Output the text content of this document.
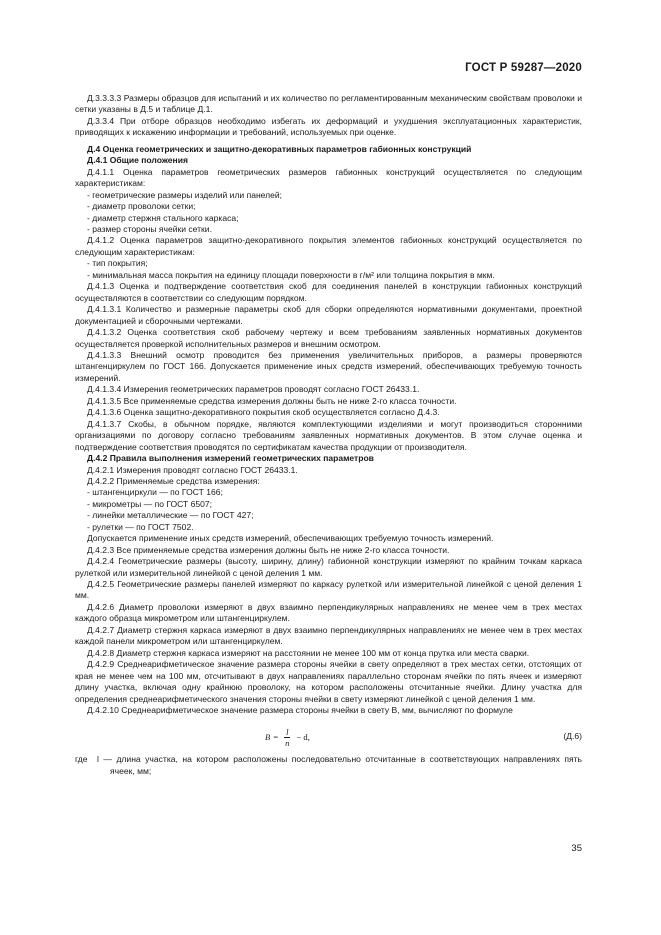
ГОСТ Р 59287—2020

Д.3.3.3.3 Размеры образцов для испытаний и их количество по регламентированным механическим свойствам проволоки и сетки указаны в Д.5 и таблице Д.1.

Д.3.3.4 При отборе образцов необходимо избегать их деформаций и ухудшения эксплуатационных характеристик, приводящих к искажению информации и требований, используемых при оценке.

Д.4 Оценка геометрических и защитно-декоративных параметров габионных конструкций

Д.4.1 Общие положения

Д.4.1.1 Оценка параметров геометрических размеров габионных конструкций осуществляется по следующим характеристикам:

- геометрические размеры изделий или панелей;

- диаметр проволоки сетки;

- диаметр стержня стального каркаса;

- размер стороны ячейки сетки.

Д.4.1.2 Оценка параметров защитно-декоративного покрытия элементов габионных конструкций осуществляется по следующим характеристикам:

- тип покрытия;

- минимальная масса покрытия на единицу площади поверхности в г/м² или толщина покрытия в мкм.

Д.4.1.3 Оценка и подтверждение соответствия скоб для соединения панелей в конструкции габионных конструкций осуществляются в соответствии со следующим порядком.

Д.4.1.3.1 Количество и размерные параметры скоб для сборки определяются нормативными документами, проектной документацией и сборочными чертежами.

Д.4.1.3.2 Оценка соответствия скоб рабочему чертежу и всем требованиям заявленных нормативных документов осуществляется проверкой исполнительных размеров и внешним осмотром.

Д.4.1.3.3 Внешний осмотр проводится без применения увеличительных приборов, а размеры проверяются штангенциркулем по ГОСТ 166. Допускается применение иных средств измерений, обеспечивающих требуемую точность измерений.

Д.4.1.3.4 Измерения геометрических параметров проводят согласно ГОСТ 26433.1.

Д.4.1.3.5 Все применяемые средства измерения должны быть не ниже 2-го класса точности.

Д.4.1.3.6 Оценка защитно-декоративного покрытия скоб осуществляется согласно Д.4.3.

Д.4.1.3.7 Скобы, в обычном порядке, являются комплектующими изделиями и могут производиться сторонними организациями по договору согласно требованиям заявленных нормативных документов. В этом случае оценка и подтверждение соответствия проводятся по сертификатам качества продукции от производителя.

Д.4.2 Правила выполнения измерений геометрических параметров

Д.4.2.1 Измерения проводят согласно ГОСТ 26433.1.

Д.4.2.2 Применяемые средства измерения:

- штангенциркули — по ГОСТ 166;

- микрометры — по ГОСТ 6507;

- линейки металлические — по ГОСТ 427;

- рулетки — по ГОСТ 7502.

Допускается применение иных средств измерений, обеспечивающих требуемую точность измерений.

Д.4.2.3 Все применяемые средства измерения должны быть не ниже 2-го класса точности.

Д.4.2.4 Геометрические размеры (высоту, ширину, длину) габионной конструкции измеряют по крайним точкам каркаса рулеткой или измерительной линейкой с ценой деления 1 мм.

Д.4.2.5 Геометрические размеры панелей измеряют по каркасу рулеткой или измерительной линейкой с ценой деления 1 мм.

Д.4.2.6 Диаметр проволоки измеряют в двух взаимно перпендикулярных направлениях не менее чем в трех местах каждого образца микрометром или штангенциркулем.

Д.4.2.7 Диаметр стержня каркаса измеряют в двух взаимно перпендикулярных направлениях не менее чем в трех местах каждой панели микрометром или штангенциркулем.

Д.4.2.8 Диаметр стержня каркаса измеряют на расстоянии не менее 100 мм от конца прутка или места сварки.

Д.4.2.9 Среднеарифметическое значение размера стороны ячейки в свету определяют в трех местах сетки, отстоящих от края не менее чем на 100 мм, отсчитывают в двух направлениях параллельно сторонам ячейки по пять ячеек и измеряют длину участка, включая одну крайнюю проволоку, на котором расположены отсчитанные ячейки. Длину участка для определения среднеарифметического значения стороны ячейки в свету измеряют линейкой с ценой деления 1 мм.

Д.4.2.10 Среднеарифметическое значение размера стороны ячейки в свету B, мм, вычисляют по формуле

$B = \frac{l}{n} - d$,	(Д.6)
где	l — длина участка, на котором расположены последовательно отсчитанные в соответствующих направлениях пять ячеек, мм;
35
